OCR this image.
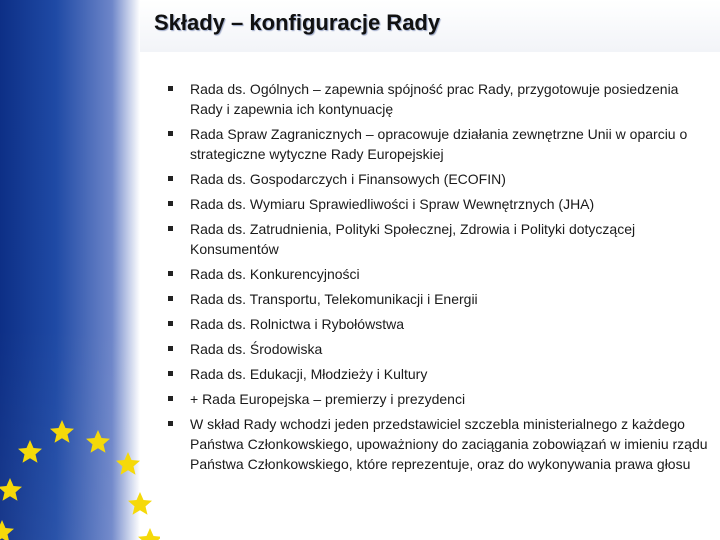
Składy – konfiguracje Rady
Rada ds. Ogólnych – zapewnia spójność prac Rady, przygotowuje posiedzenia Rady i zapewnia ich kontynuację
Rada Spraw Zagranicznych – opracowuje działania zewnętrzne Unii w oparciu o strategiczne wytyczne Rady Europejskiej
Rada ds. Gospodarczych i Finansowych (ECOFIN)
Rada ds. Wymiaru Sprawiedliwości i Spraw Wewnętrznych (JHA)
Rada ds. Zatrudnienia, Polityki Społecznej, Zdrowia i Polityki dotyczącej Konsumentów
Rada ds. Konkurencyjności
Rada ds. Transportu, Telekomunikacji i Energii
Rada ds. Rolnictwa i Rybołówstwa
Rada ds. Środowiska
Rada ds. Edukacji, Młodzieży i Kultury
+ Rada Europejska – premierzy i prezydenci
W skład Rady wchodzi jeden przedstawiciel szczebla ministerialnego z każdego Państwa Członkowskiego, upoważniony do zaciągania zobowiązań w imieniu rządu Państwa Członkowskiego, które reprezentuje, oraz do wykonywania prawa głosu
